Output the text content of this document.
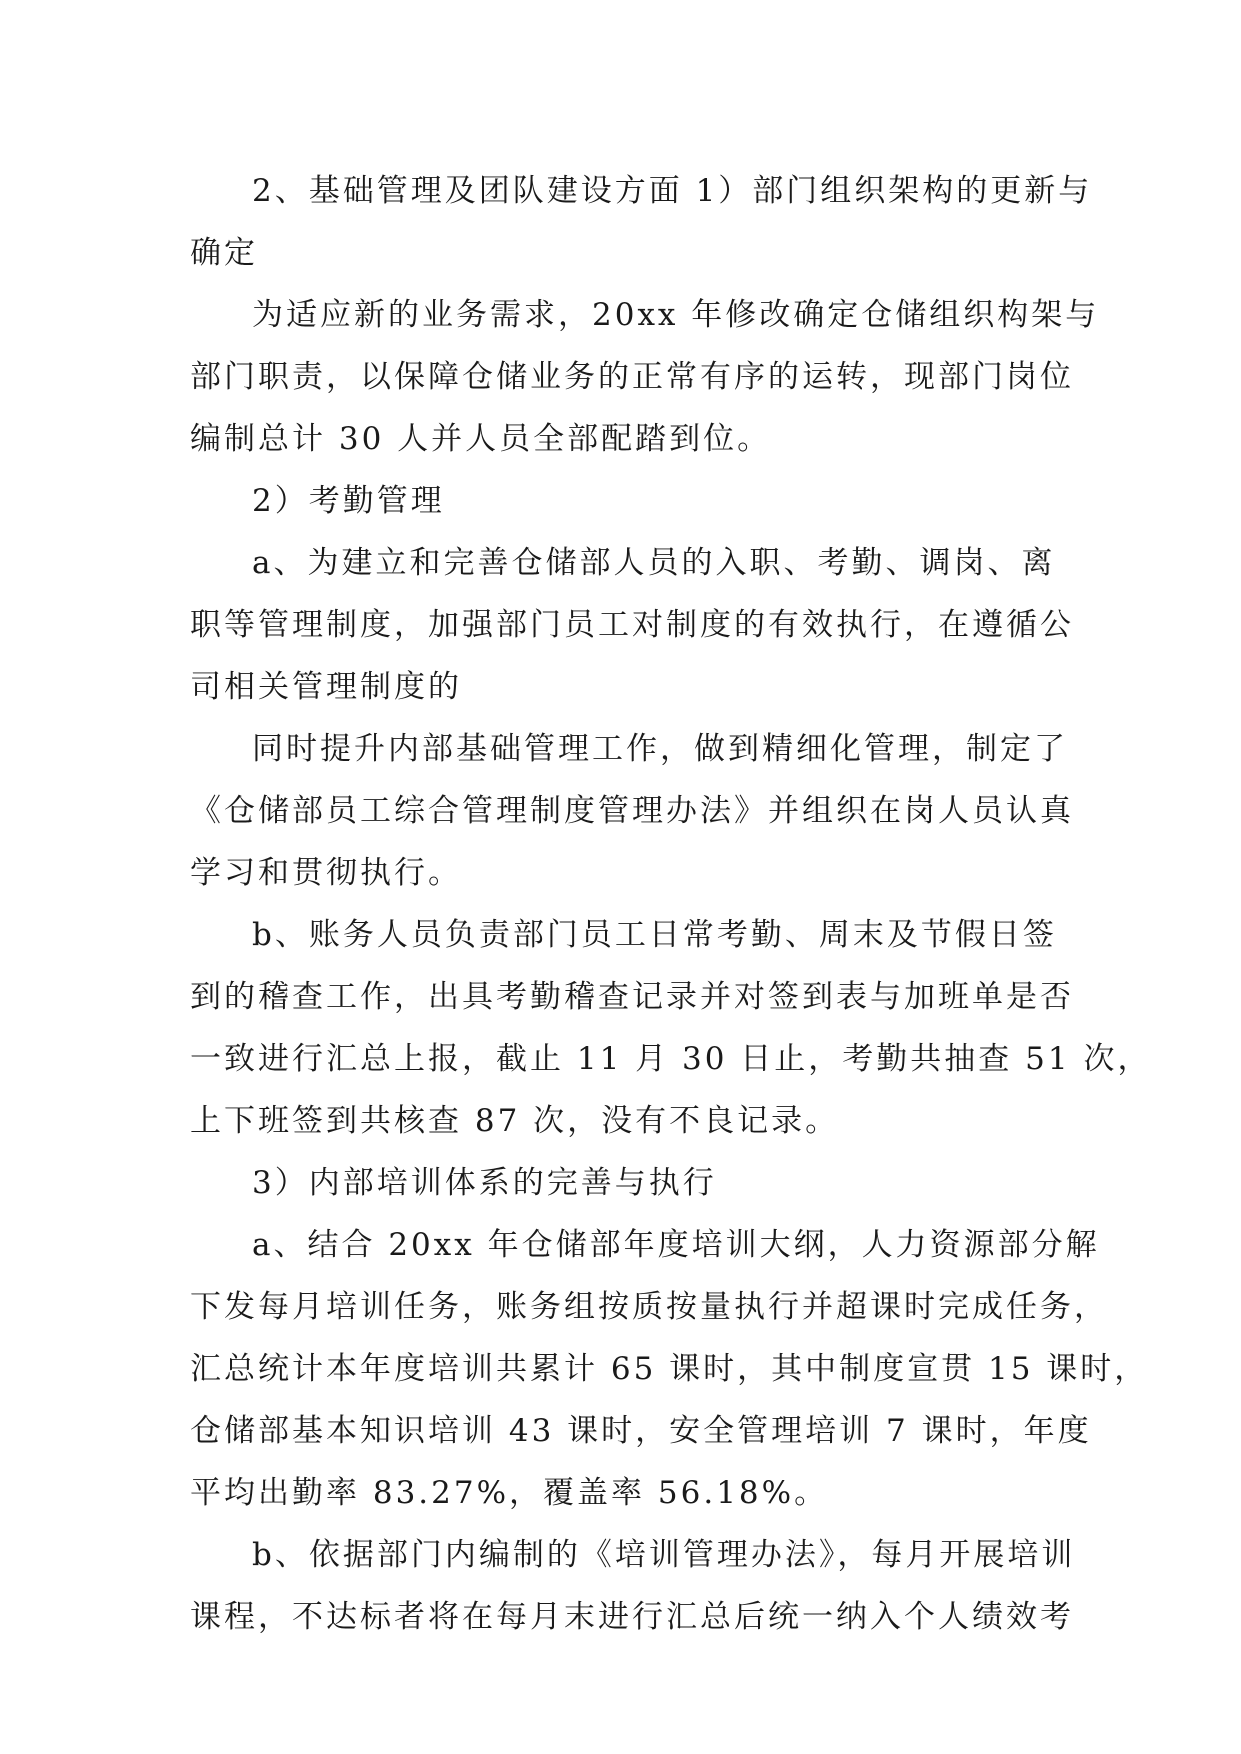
2、基础管理及团队建设方面 1）部门组织架构的更新与
确定
为适应新的业务需求，20xx 年修改确定仓储组织构架与
部门职责，以保障仓储业务的正常有序的运转，现部门岗位
编制总计 30 人并人员全部配踏到位。
2）考勤管理
a、为建立和完善仓储部人员的入职、考勤、调岗、离
职等管理制度，加强部门员工对制度的有效执行，在遵循公
司相关管理制度的
同时提升内部基础管理工作，做到精细化管理，制定了
《仓储部员工综合管理制度管理办法》并组织在岗人员认真
学习和贯彻执行。
b、账务人员负责部门员工日常考勤、周末及节假日签
到的稽查工作，出具考勤稽查记录并对签到表与加班单是否
一致进行汇总上报，截止 11 月 30 日止，考勤共抽查 51 次，
上下班签到共核查 87 次，没有不良记录。
3）内部培训体系的完善与执行
a、结合 20xx 年仓储部年度培训大纲，人力资源部分解
下发每月培训任务，账务组按质按量执行并超课时完成任务，
汇总统计本年度培训共累计 65 课时，其中制度宣贯 15 课时，
仓储部基本知识培训 43 课时，安全管理培训 7 课时，年度
平均出勤率 83.27%，覆盖率 56.18%。
b、依据部门内编制的《培训管理办法》，每月开展培训
课程，不达标者将在每月末进行汇总后统一纳入个人绩效考
